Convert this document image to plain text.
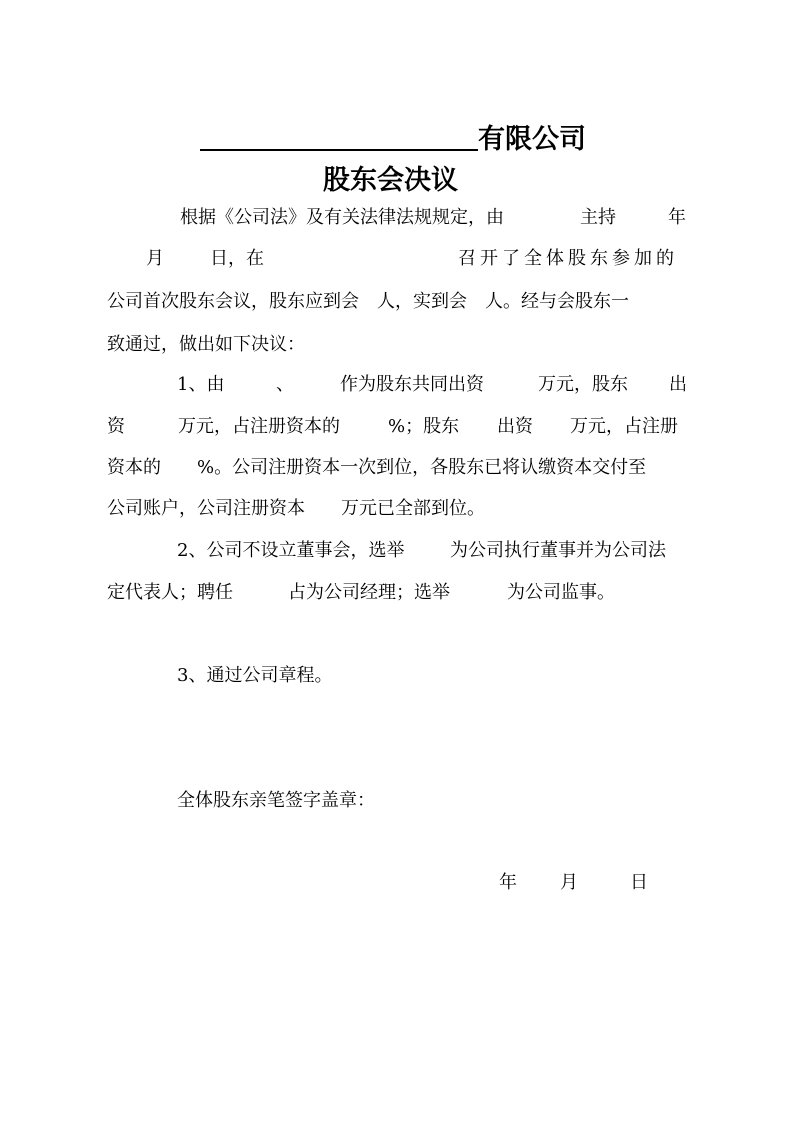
有限公司
股东会决议
根据《公司法》及有关法律法规规定，由	主持	年
月	日，在	召开了全体股东参加的
公司首次股东会议，股东应到会　人，实到会　人。经与会股东一
致通过，做出如下决议：
1、由	、	作为股东共同出资	万元，股东 出
资	万元，占注册资本的	%；股东 出资 万元，占注册
资本的　　%。公司注册资本一次到位，各股东已将认缴资本交付至
公司账户，公司注册资本　　万元已全部到位。
2、公司不设立董事会，选举	为公司执行董事并为公司法
定代表人；聘任	占为公司经理；选举	为公司监事。
3、通过公司章程。
全体股东亲笔签字盖章：
年 月	日
